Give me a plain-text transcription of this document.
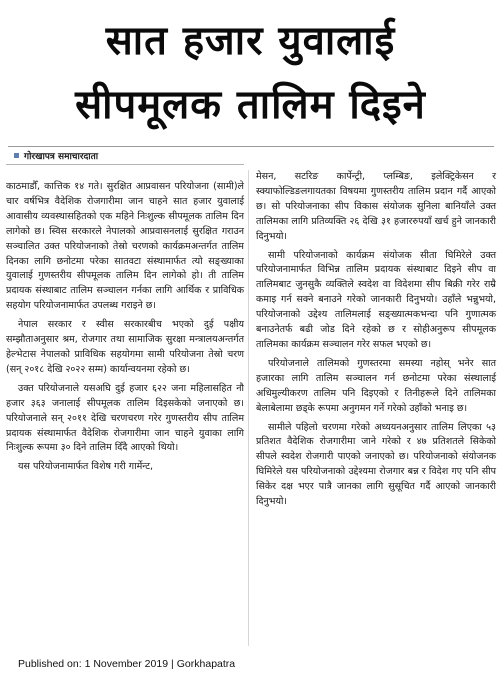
सात हजार युवालाई
सीपमूलक तालिम दिइने
गोरखापत्र समाचारदाता

काठमाडौँ, कात्तिक १४ गते। सुरक्षित आप्रवासन परियोजना (सामी)ले चार वर्षभित्र वैदेशिक रोजगारीमा जान चाहने सात हजार युवालाई आवासीय व्यवस्थासहितको एक महिने निःशुल्क सीपमूलक तालिम दिन लागेको छ। स्विस सरकारले नेपालको आप्रवासनलाई सुरक्षित गराउन सञ्चालित उक्त परियोजनाको तेस्रो चरणको कार्यक्रमअन्तर्गत तालिम दिनका लागि छनोटमा परेका सातवटा संस्थामार्फत त्यो सङ्ख्याका युवालाई गुणस्तरीय सीपमूलक तालिम दिन लागेको हो। ती तालिम प्रदायक संस्थाबाट तालिम सञ्चालन गर्नका लागि आर्थिक र प्राविधिक सहयोग परियोजनामार्फत उपलब्ध गराइने छ।

नेपाल सरकार र स्वीस सरकारबीच भएको दुई पक्षीय सम्झौताअनुसार श्रम, रोजगार तथा सामाजिक सुरक्षा मन्त्रालयअन्तर्गत हेल्भेटास नेपालको प्राविधिक सहयोगमा सामी परियोजना तेस्रो चरण (सन् २०१८ देखि २०२२ सम्म) कार्यान्वयनमा रहेको छ।

उक्त परियोजनाले यसअघि दुई हजार ६२२ जना महिलासहित नौ हजार ३६३ जनालाई सीपमूलक तालिम दिइसकेको जनाएको छ। परियोजनाले सन् २०११ देखि चरणचरण गरेर गुणस्तरीय सीप तालिम प्रदायक संस्थामार्फत वैदेशिक रोजगारीमा जान चाहने युवाका लागि निःशुल्क रूपमा ३० दिने तालिम दिँदै आएको थियो।

यस परियोजनामार्फत विशेष गरी गार्मेन्ट,

मेसन, सटरिङ कार्पेन्ट्री, प्लम्बिङ, इलेक्ट्रिकेसन र स्क्याफोल्डिङलगायतका विषयमा गुणस्तरीय तालिम प्रदान गर्दै आएको छ। सो परियोजनाका सीप विकास संयोजक सुनिला बानियाँले उक्त तालिमका लागि प्रतिव्यक्ति २६ देखि ३१ हजाररुपयाँ खर्च हुने जानकारी दिनुभयो।

सामी परियोजनाको कार्यक्रम संयोजक सीता घिमिरेले उक्त परियोजनामार्फत विभिन्न तालिम प्रदायक संस्थाबाट दिइने सीप वा तालिमबाट जुनसुकै व्यक्तिले स्वदेश वा विदेशमा सीप बिक्री गरेर राम्रै कमाइ गर्न सक्ने बनाउने गरेको जानकारी दिनुभयो। उहाँले भन्नुभयो, परियोजनाको उद्देश्य तालिमलाई सङ्ख्यात्मकभन्दा पनि गुणात्मक बनाउनेतर्फ बढी जोड दिने रहेको छ र सोहीअनुरूप सीपमूलक तालिमका कार्यक्रम सञ्चालन गरेर सफल भएको छ।

परियोजनाले तालिमको गुणस्तरमा समस्या नहोस् भनेर सात हजारका लागि तालिम सञ्चालन गर्न छनोटमा परेका संस्थालाई अधिमुल्यीकरण तालिम पनि दिइएको र तिनीहरूले दिने तालिमका बेलाबेलामा छड्के रूपमा अनुगमन गर्ने गरेको उहाँको भनाइ छ।

सामीले पहिलो चरणमा गरेको अध्ययनअनुसार तालिम लिएका ५३ प्रतिशत वैदेशिक रोजगारीमा जाने गरेको र ४७ प्रतिशतले सिकेको सीपले स्वदेश रोजगारी पाएको जनाएको छ। परियोजनाको संयोजनक घिमिरेले यस परियोजनाको उद्देश्यमा रोजगार बन्न र विदेश गए पनि सीप सिकेर दक्ष भएर पात्रै जानका लागि सुसूचित गर्दै आएको जानकारी दिनुभयो।

Published on: 1 November 2019 | Gorkhapatra
